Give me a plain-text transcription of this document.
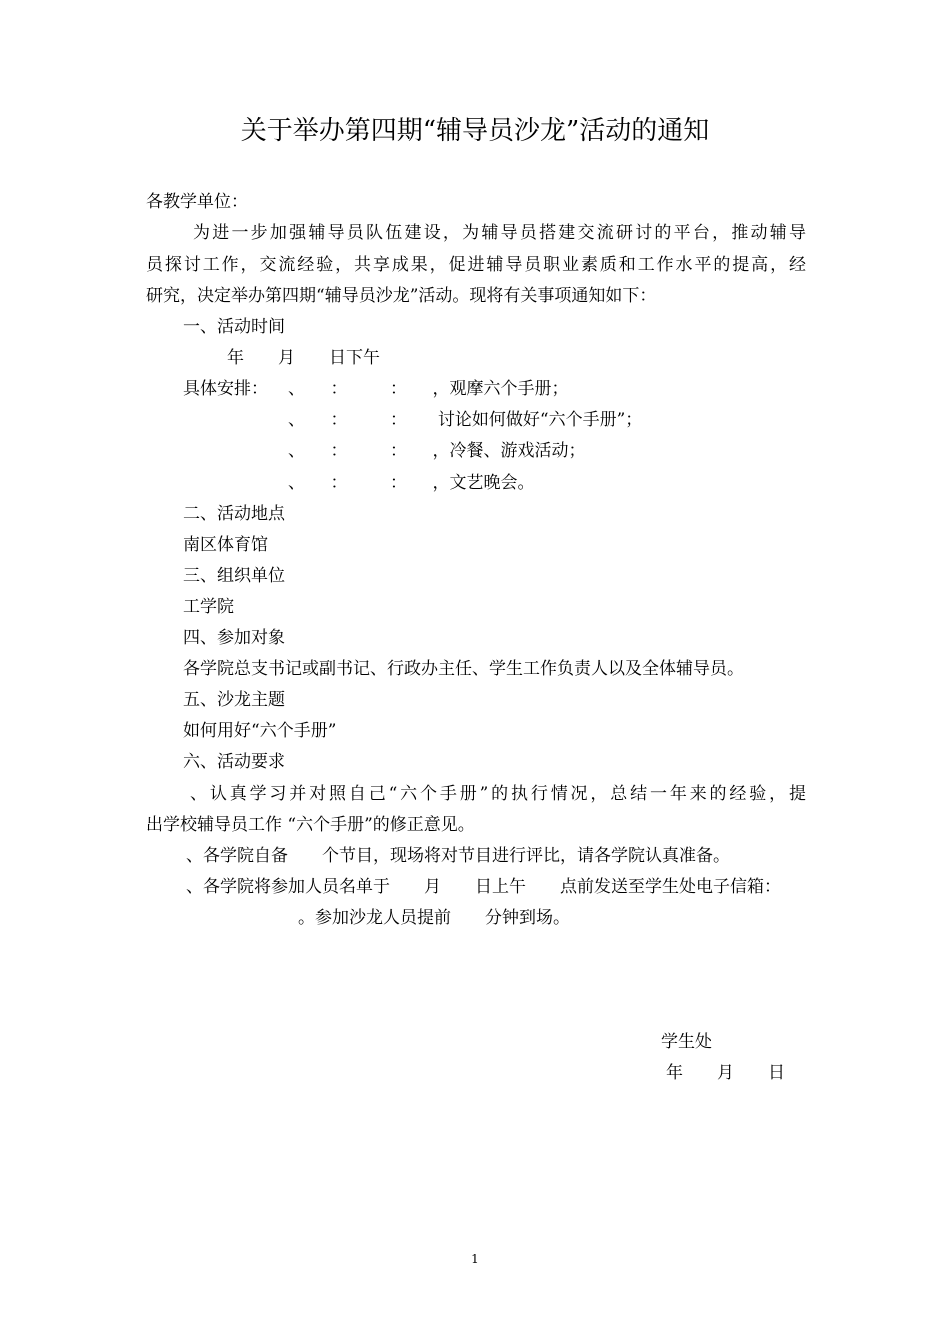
关于举办第四期“辅导员沙龙”活动的通知
各教学单位：
为进一步加强辅导员队伍建设，为辅导员搭建交流研讨的平台，推动辅导
员探讨工作，交流经验，共享成果，促进辅导员职业素质和工作水平的提高，经
研究，决定举办第四期“辅导员沙龙”活动。现将有关事项通知如下：
一、活动时间
年　　月　　日下午
具体安排： 、　　：　　　：　　，观摩六个手册；
、　　：　　　：　　 讨论如何做好“六个手册”；
、　　：　　　：　　，冷餐、游戏活动；
、　　：　　　：　　，文艺晚会。
二、活动地点
南区体育馆
三、组织单位
工学院
四、参加对象
各学院总支书记或副书记、行政办主任、学生工作负责人以及全体辅导员。
五、沙龙主题
如何用好“六个手册”
六、活动要求
、认真学习并对照自己“六个手册”的执行情况，总结一年来的经验，提
出学校辅导员工作 “六个手册”的修正意见。
、各学院自备　　个节目，现场将对节目进行评比，请各学院认真准备。
、各学院将参加人员名单于　　月　　日上午　　点前发送至学生处电子信箱：
。参加沙龙人员提前　　分钟到场。
学生处
年　　月　　日
1
